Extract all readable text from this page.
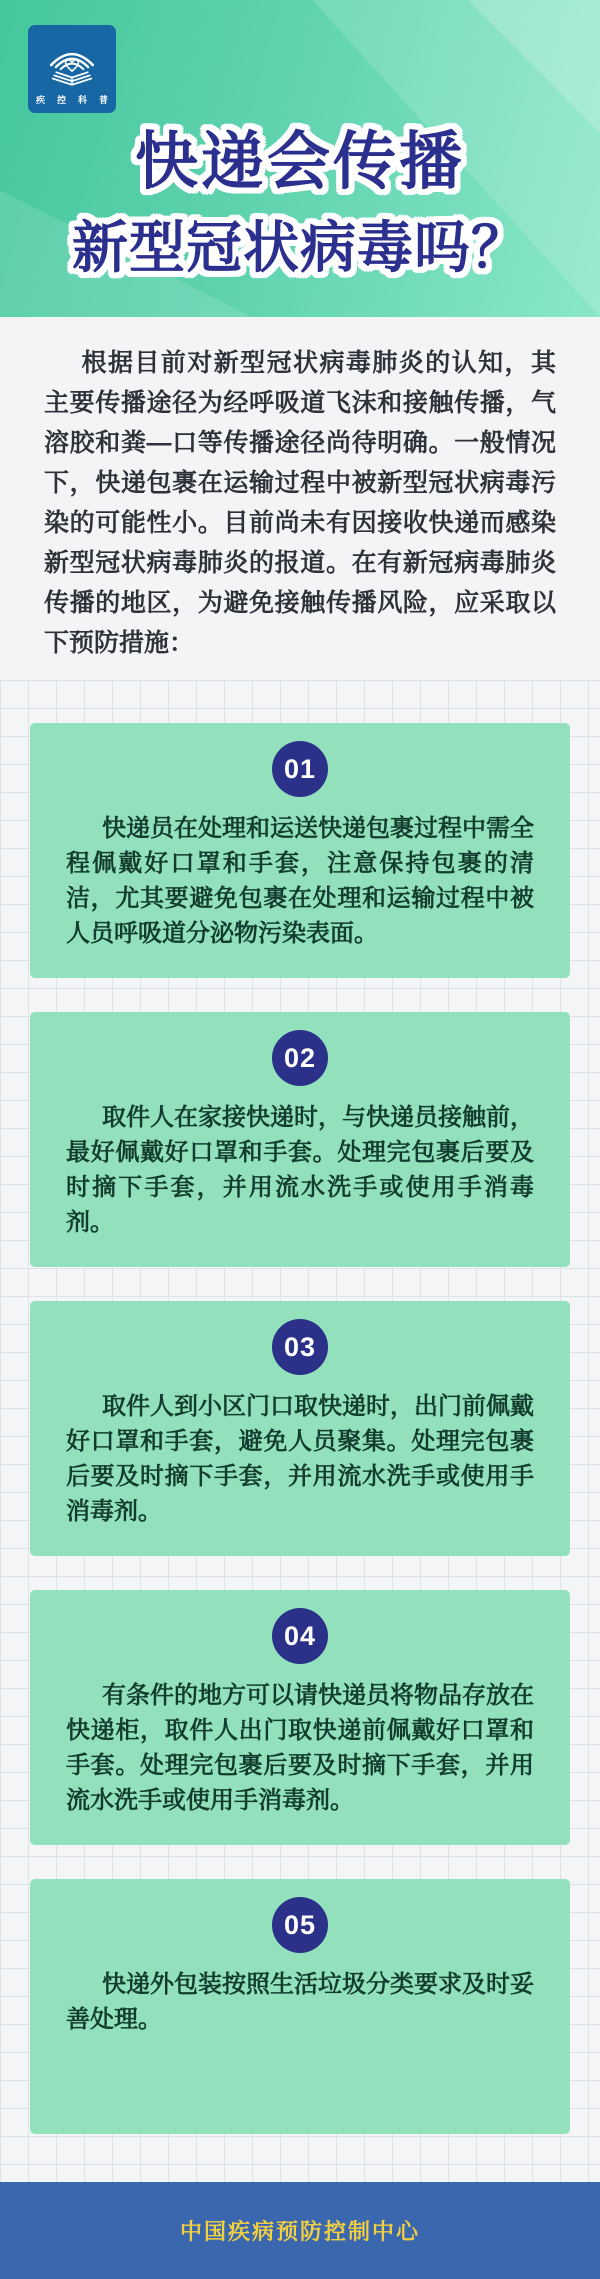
疾控科普
快递会传播
新型冠状病毒吗？

根据目前对新型冠状病毒肺炎的认知，其主要传播途径为经呼吸道飞沫和接触传播，气溶胶和粪—口等传播途径尚待明确。一般情况下，快递包裹在运输过程中被新型冠状病毒污染的可能性小。目前尚未有因接收快递而感染新型冠状病毒肺炎的报道。在有新冠病毒肺炎传播的地区，为避免接触传播风险，应采取以下预防措施：

01

快递员在处理和运送快递包裹过程中需全程佩戴好口罩和手套，注意保持包裹的清洁，尤其要避免包裹在处理和运输过程中被人员呼吸道分泌物污染表面。

02

取件人在家接快递时，与快递员接触前，最好佩戴好口罩和手套。处理完包裹后要及时摘下手套，并用流水洗手或使用手消毒剂。

03

取件人到小区门口取快递时，出门前佩戴好口罩和手套，避免人员聚集。处理完包裹后要及时摘下手套，并用流水洗手或使用手消毒剂。

04

有条件的地方可以请快递员将物品存放在快递柜，取件人出门取快递前佩戴好口罩和手套。处理完包裹后要及时摘下手套，并用流水洗手或使用手消毒剂。

05

快递外包装按照生活垃圾分类要求及时妥善处理。

中国疾病预防控制中心
